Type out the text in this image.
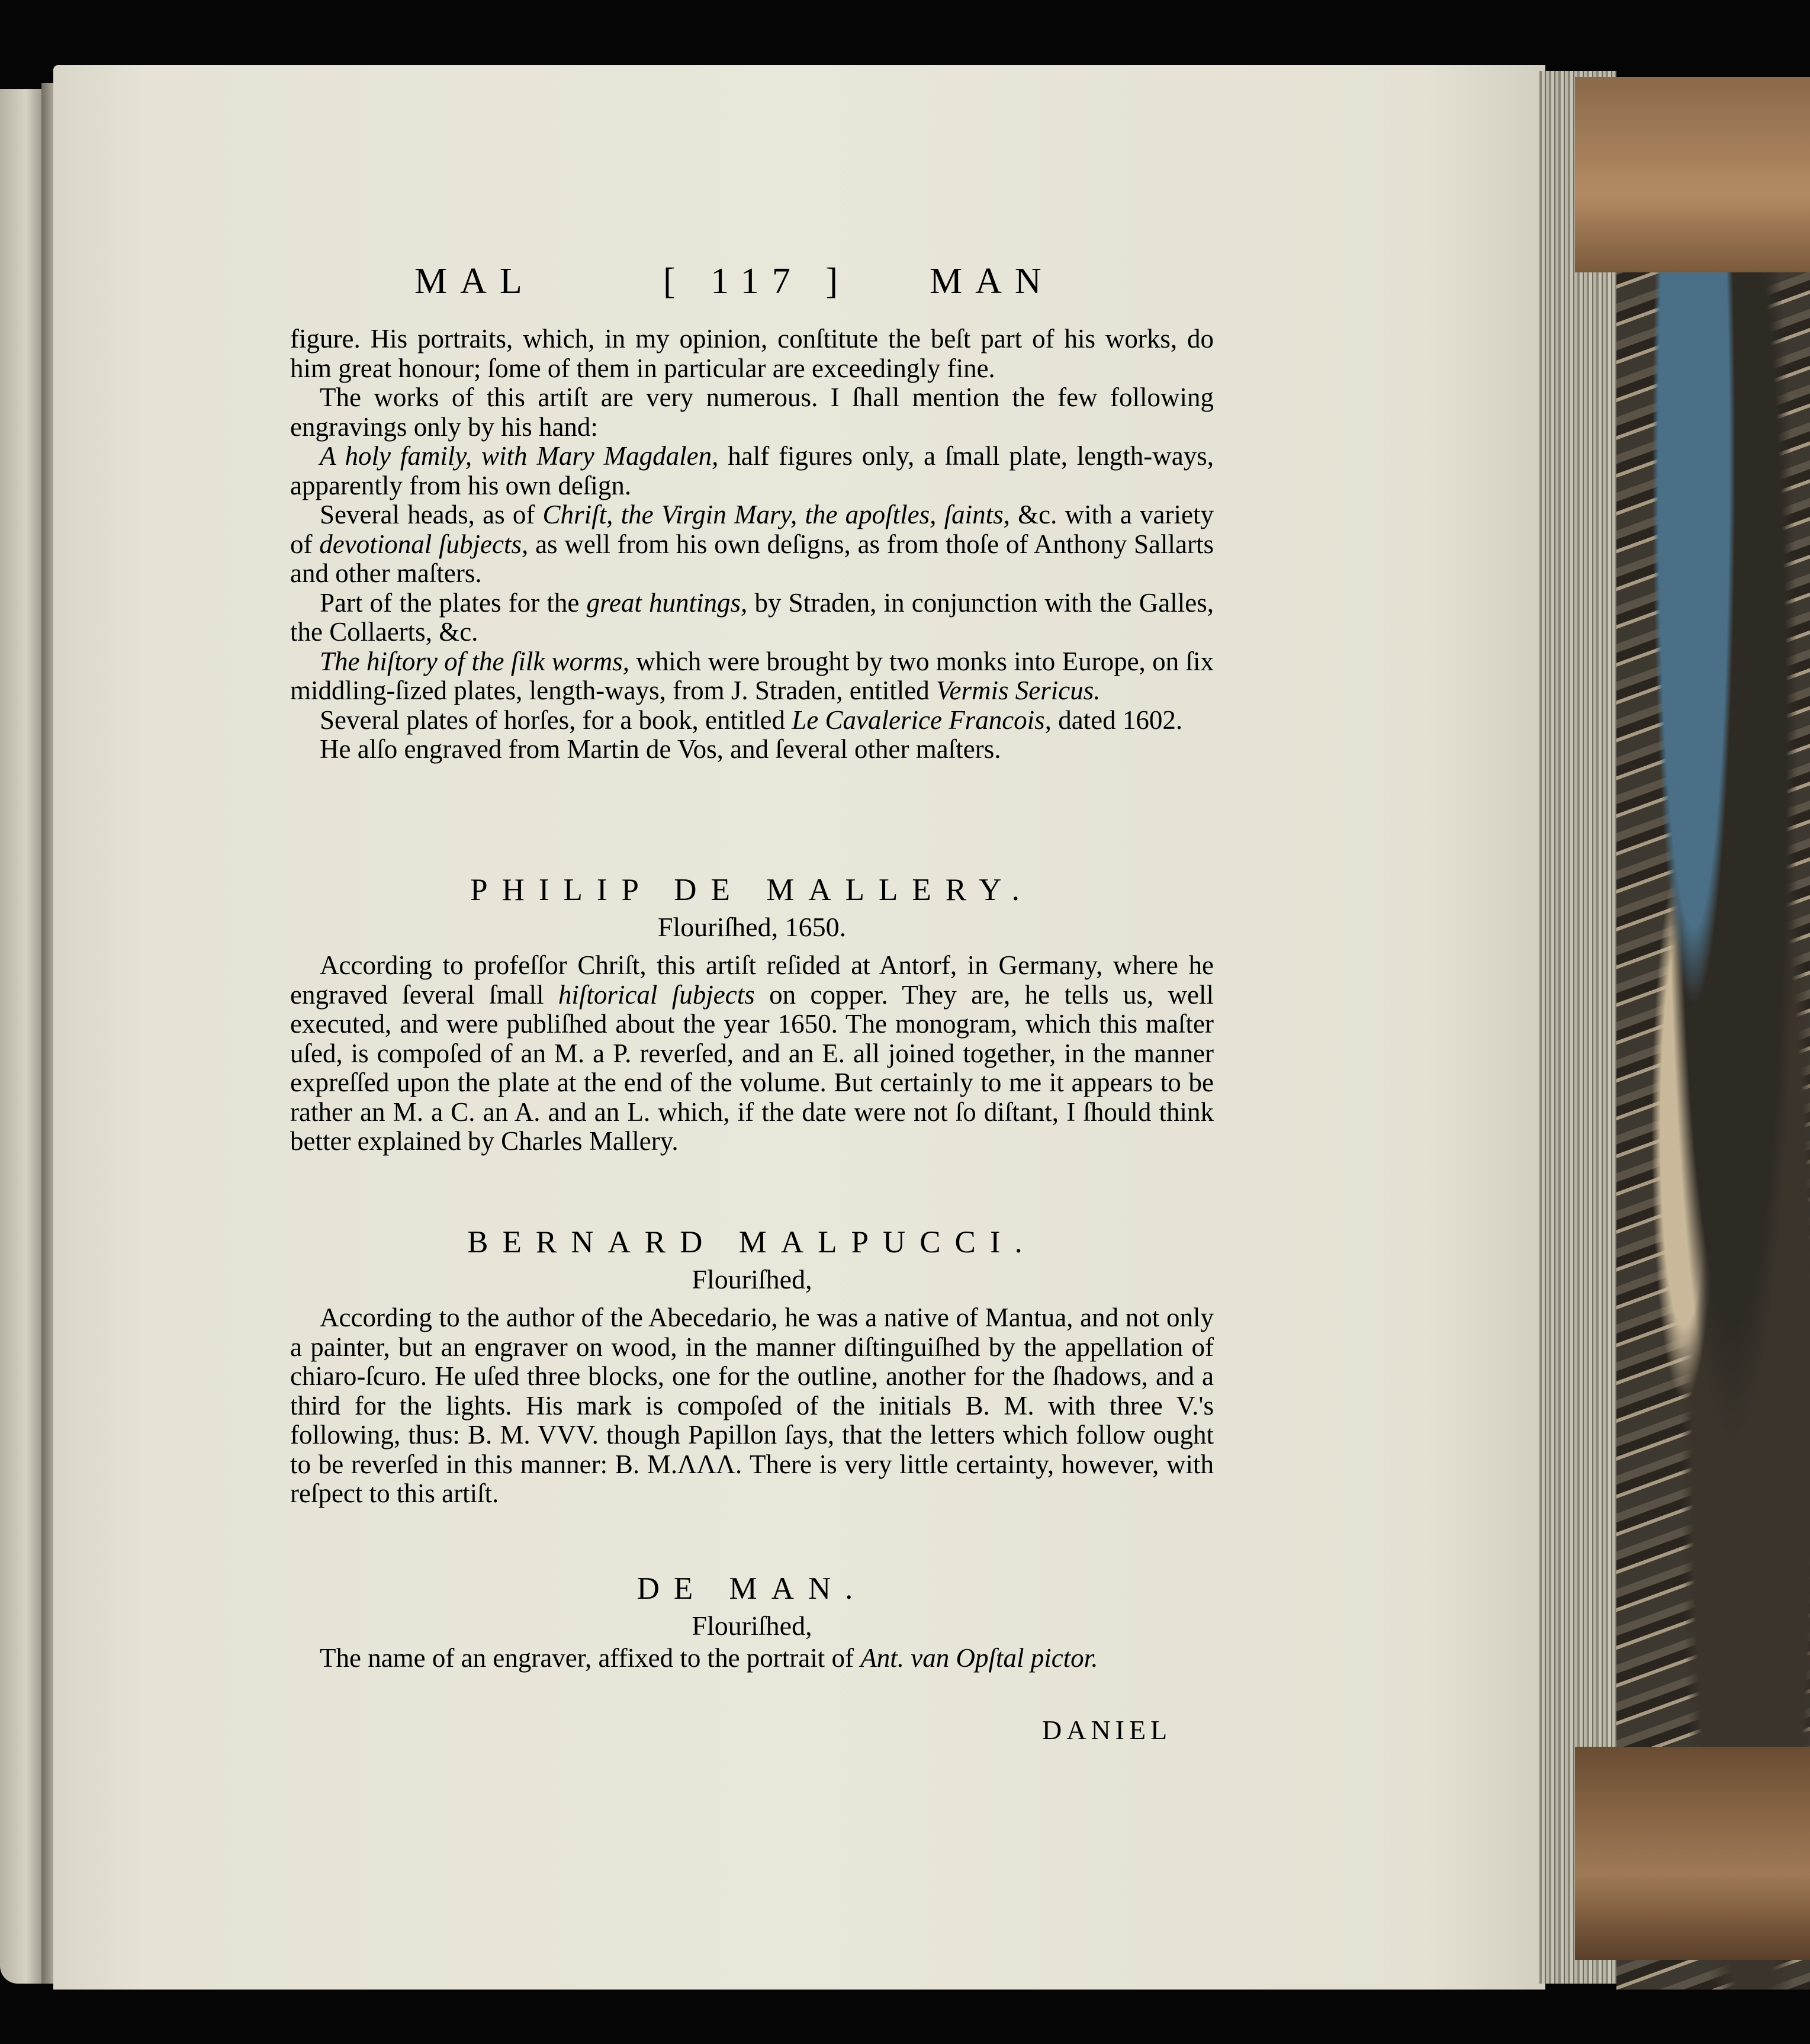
MAL	[ 117 ] MAN

figure. His portraits, which, in my opinion, conſtitute the beſt part of his works, do him great honour; ſome of them in particular are exceedingly fine.

The works of this artiſt are very numerous. I ſhall mention the few following engravings only by his hand:

A holy family, with Mary Magdalen, half figures only, a ſmall plate, length-ways, apparently from his own deſign.

Several heads, as of Chriſt, the Virgin Mary, the apoſtles, ſaints, &c. with a variety of devotional ſubjects, as well from his own deſigns, as from thoſe of Anthony Sallarts and other maſters.

Part of the plates for the great huntings, by Straden, in conjunction with the Galles, the Collaerts, &c.

The hiſtory of the ſilk worms, which were brought by two monks into Europe, on ſix middling-ſized plates, length-ways, from J. Straden, entitled Vermis Sericus.

Several plates of horſes, for a book, entitled Le Cavalerice Francois, dated 1602.

He alſo engraved from Martin de Vos, and ſeveral other maſters.

PHILIP DE MALLERY.

Flouriſhed, 1650.

According to profeſſor Chriſt, this artiſt reſided at Antorf, in Germany, where he engraved ſeveral ſmall hiſtorical ſubjects on copper. They are, he tells us, well executed, and were publiſhed about the year 1650. The monogram, which this maſter uſed, is compoſed of an M. a P. reverſed, and an E. all joined together, in the manner expreſſed upon the plate at the end of the volume. But certainly to me it appears to be rather an M. a C. an A. and an L. which, if the date were not ſo diſtant, I ſhould think better explained by Charles Mallery.

BERNARD MALPUCCI.

Flouriſhed,

According to the author of the Abecedario, he was a native of Mantua, and not only a painter, but an engraver on wood, in the manner diſtinguiſhed by the appellation of chiaro-ſcuro. He uſed three blocks, one for the outline, another for the ſhadows, and a third for the lights. His mark is compoſed of the initials B. M. with three V.'s following, thus: B. M. VVV. though Papillon ſays, that the letters which follow ought to be reverſed in this manner: B. M.ΛΛΛ. There is very little certainty, however, with reſpect to this artiſt.

DE MAN.

Flouriſhed,

The name of an engraver, affixed to the portrait of Ant. van Opſtal pictor.

DANIEL
